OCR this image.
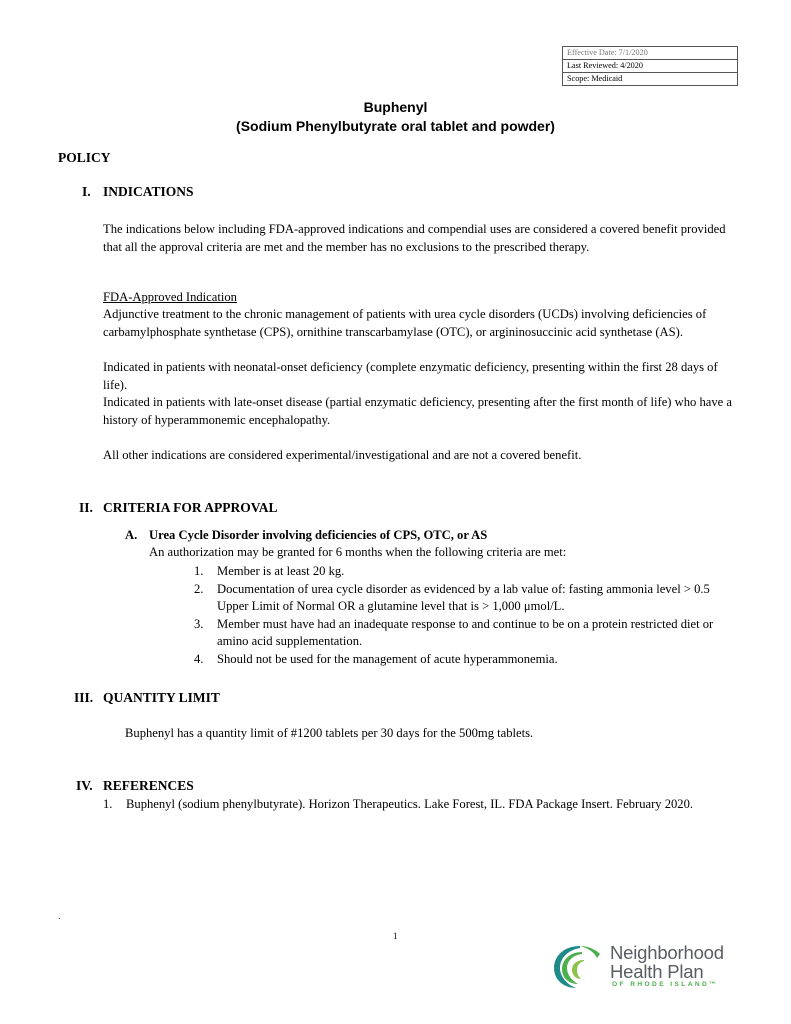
Effective Date: 7/1/2020
Last Reviewed: 4/2020
Scope: Medicaid
Buphenyl
(Sodium Phenylbutyrate oral tablet and powder)
POLICY
I. INDICATIONS
The indications below including FDA-approved indications and compendial uses are considered a covered benefit provided that all the approval criteria are met and the member has no exclusions to the prescribed therapy.
FDA-Approved Indication
Adjunctive treatment to the chronic management of patients with urea cycle disorders (UCDs) involving deficiencies of carbamylphosphate synthetase (CPS), ornithine transcarbamylase (OTC), or argininosuccinic acid synthetase (AS).
Indicated in patients with neonatal-onset deficiency (complete enzymatic deficiency, presenting within the first 28 days of life).
Indicated in patients with late-onset disease (partial enzymatic deficiency, presenting after the first month of life) who have a history of hyperammonemic encephalopathy.
All other indications are considered experimental/investigational and are not a covered benefit.
II. CRITERIA FOR APPROVAL
A. Urea Cycle Disorder involving deficiencies of CPS, OTC, or AS
An authorization may be granted for 6 months when the following criteria are met:
1. Member is at least 20 kg.
2. Documentation of urea cycle disorder as evidenced by a lab value of: fasting ammonia level > 0.5 Upper Limit of Normal OR a glutamine level that is > 1,000 μmol/L.
3. Member must have had an inadequate response to and continue to be on a protein restricted diet or amino acid supplementation.
4. Should not be used for the management of acute hyperammonemia.
III. QUANTITY LIMIT
Buphenyl has a quantity limit of #1200 tablets per 30 days for the 500mg tablets.
IV. REFERENCES
1. Buphenyl (sodium phenylbutyrate). Horizon Therapeutics. Lake Forest, IL. FDA Package Insert. February 2020.
.
1
Neighborhood
Health Plan
OF RHODE ISLAND™
